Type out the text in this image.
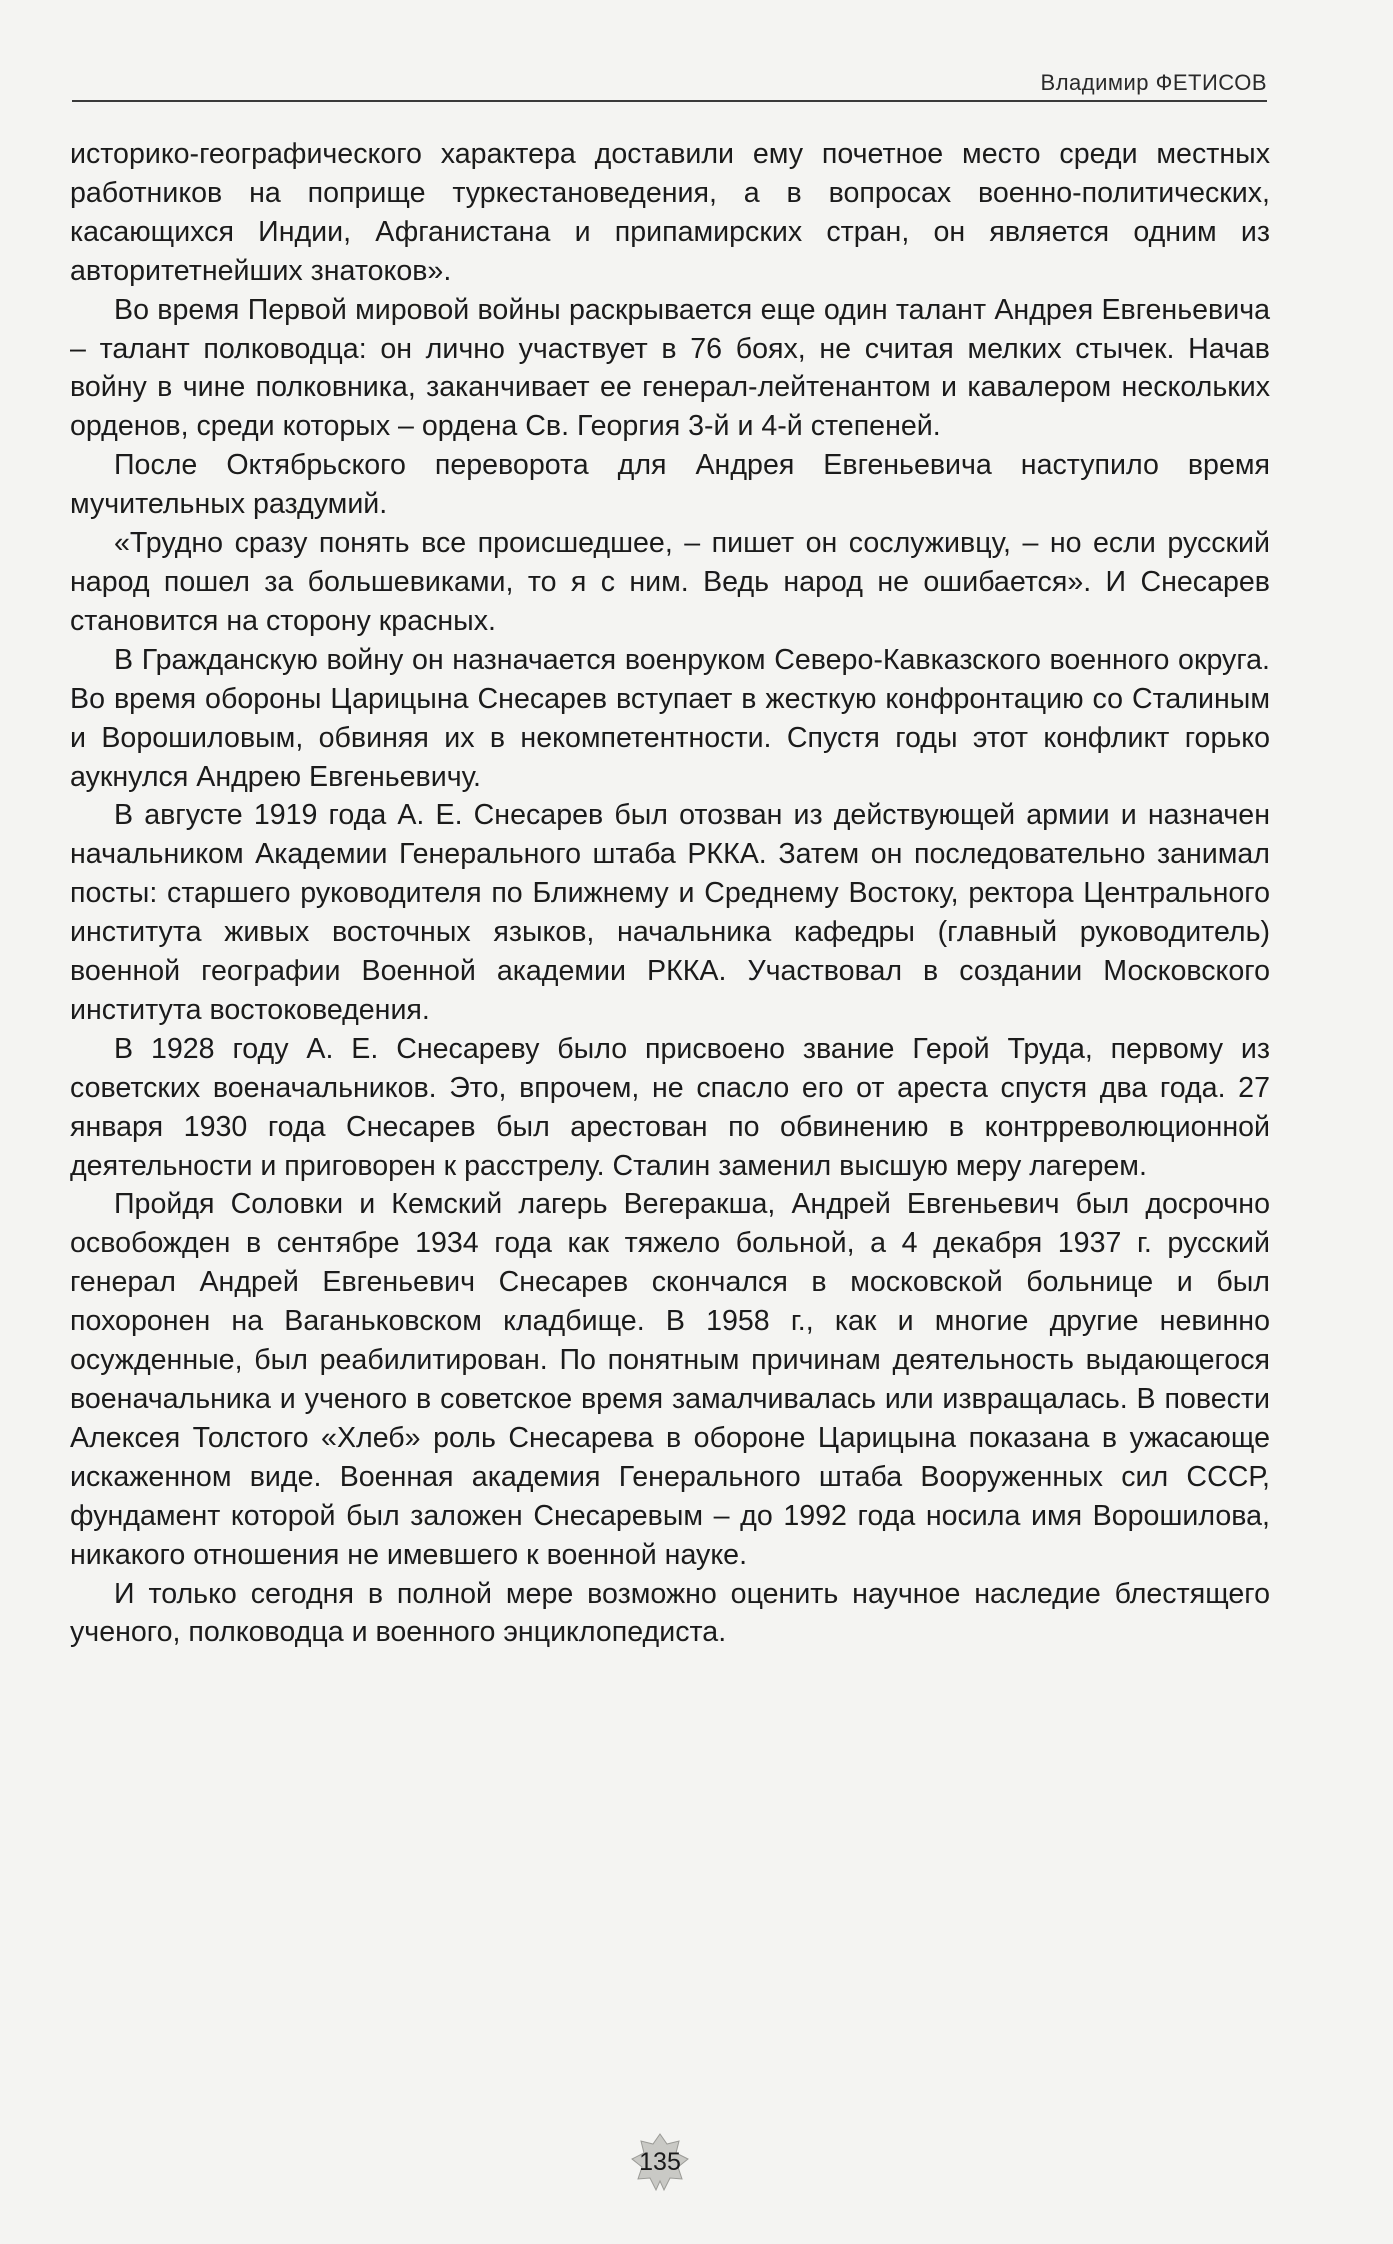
Владимир ФЕТИСОВ

историко-географического характера доставили ему почетное место среди местных работников на поприще туркестановедения, а в вопросах военно-политических, касающихся Индии, Афганистана и припамирских стран, он является одним из авторитетнейших знатоков».

Во время Первой мировой войны раскрывается еще один талант Андрея Евгеньевича – талант полководца: он лично участвует в 76 боях, не считая мелких стычек. Начав войну в чине полковника, заканчивает ее генерал-лейтенантом и кавалером нескольких орденов, среди которых – ордена Св. Георгия 3-й и 4-й степеней.

После Октябрьского переворота для Андрея Евгеньевича наступило время мучительных раздумий.

«Трудно сразу понять все происшедшее, – пишет он сослуживцу, – но если русский народ пошел за большевиками, то я с ним. Ведь народ не ошибается». И Снесарев становится на сторону красных.

В Гражданскую войну он назначается военруком Северо-Кавказского военного округа. Во время обороны Царицына Снесарев вступает в жесткую конфронтацию со Сталиным и Ворошиловым, обвиняя их в некомпетентности. Спустя годы этот конфликт горько аукнулся Андрею Евгеньевичу.

В августе 1919 года А. Е. Снесарев был отозван из действующей армии и назначен начальником Академии Генерального штаба РККА. Затем он последовательно занимал посты: старшего руководителя по Ближнему и Среднему Востоку, ректора Центрального института живых восточных языков, начальника кафедры (главный руководитель) военной географии Военной академии РККА. Участвовал в создании Московского института востоковедения.

В 1928 году А. Е. Снесареву было присвоено звание Герой Труда, первому из советских военачальников. Это, впрочем, не спасло его от ареста спустя два года. 27 января 1930 года Снесарев был арестован по обвинению в контрреволюционной деятельности и приговорен к расстрелу. Сталин заменил высшую меру лагерем.

Пройдя Соловки и Кемский лагерь Вегеракша, Андрей Евгеньевич был досрочно освобожден в сентябре 1934 года как тяжело больной, а 4 декабря 1937 г. русский генерал Андрей Евгеньевич Снесарев скончался в московской больнице и был похоронен на Ваганьковском кладбище. В 1958 г., как и многие другие невинно осужденные, был реабилитирован. По понятным причинам деятельность выдающегося военачальника и ученого в советское время замалчивалась или извращалась. В повести Алексея Толстого «Хлеб» роль Снесарева в обороне Царицына показана в ужасающе искаженном виде. Военная академия Генерального штаба Вооруженных сил СССР, фундамент которой был заложен Снесаревым – до 1992 года носила имя Ворошилова, никакого отношения не имевшего к военной науке.

И только сегодня в полной мере возможно оценить научное наследие блестящего ученого, полководца и военного энциклопедиста.

135
